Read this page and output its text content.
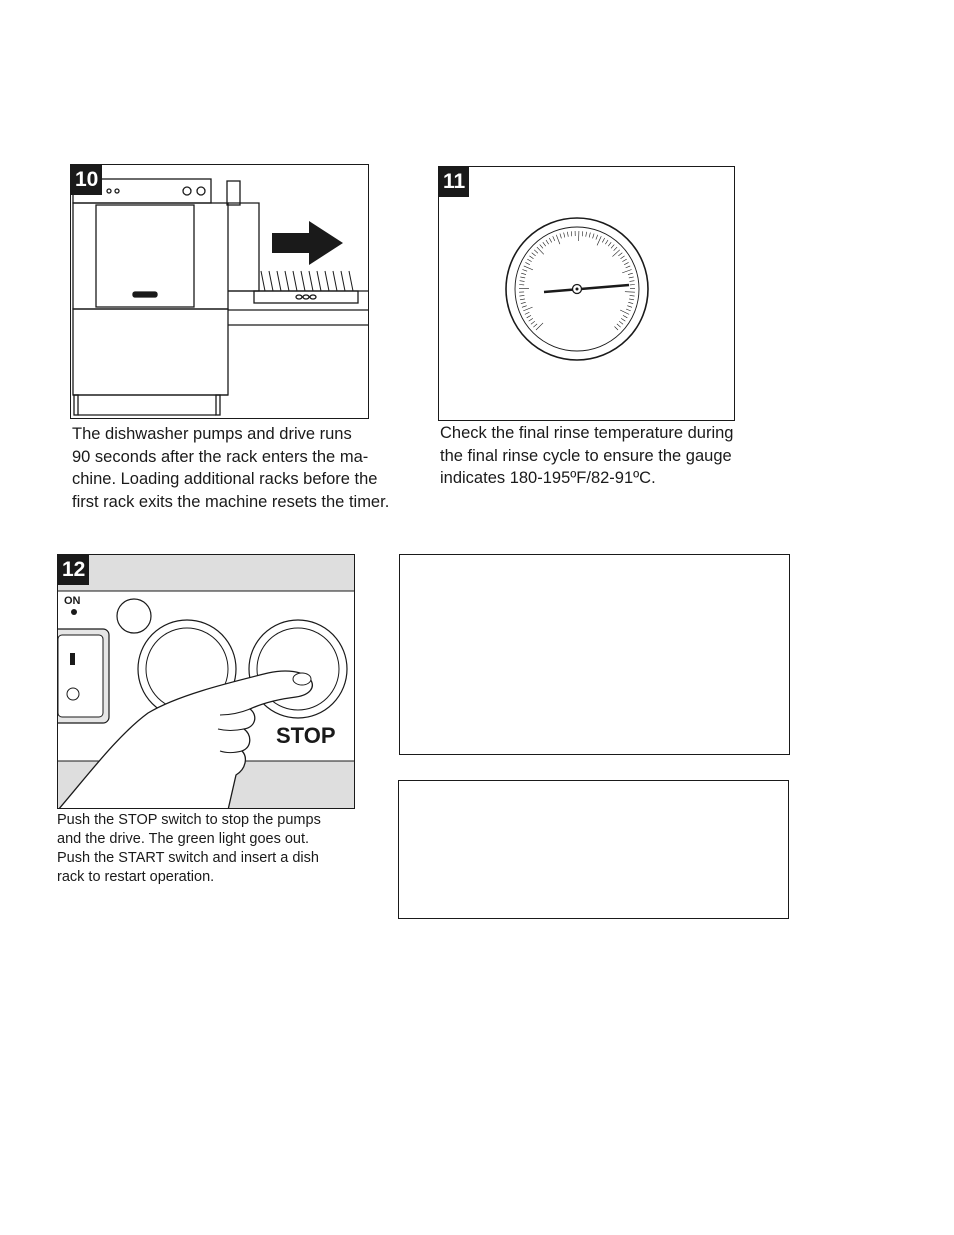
10
The dishwasher pumps and drive runs
90 seconds after the rack enters the ma-
chine. Loading additional racks before the
first rack exits the machine resets the timer.
11
Check the final rinse temperature during
the final rinse cycle to ensure the gauge
indicates 180-195ºF/82-91ºC.
12
ON
STOP
Push the STOP switch to stop the pumps
and the drive. The green light goes out.
Push the START switch and insert a dish
rack to restart operation.
